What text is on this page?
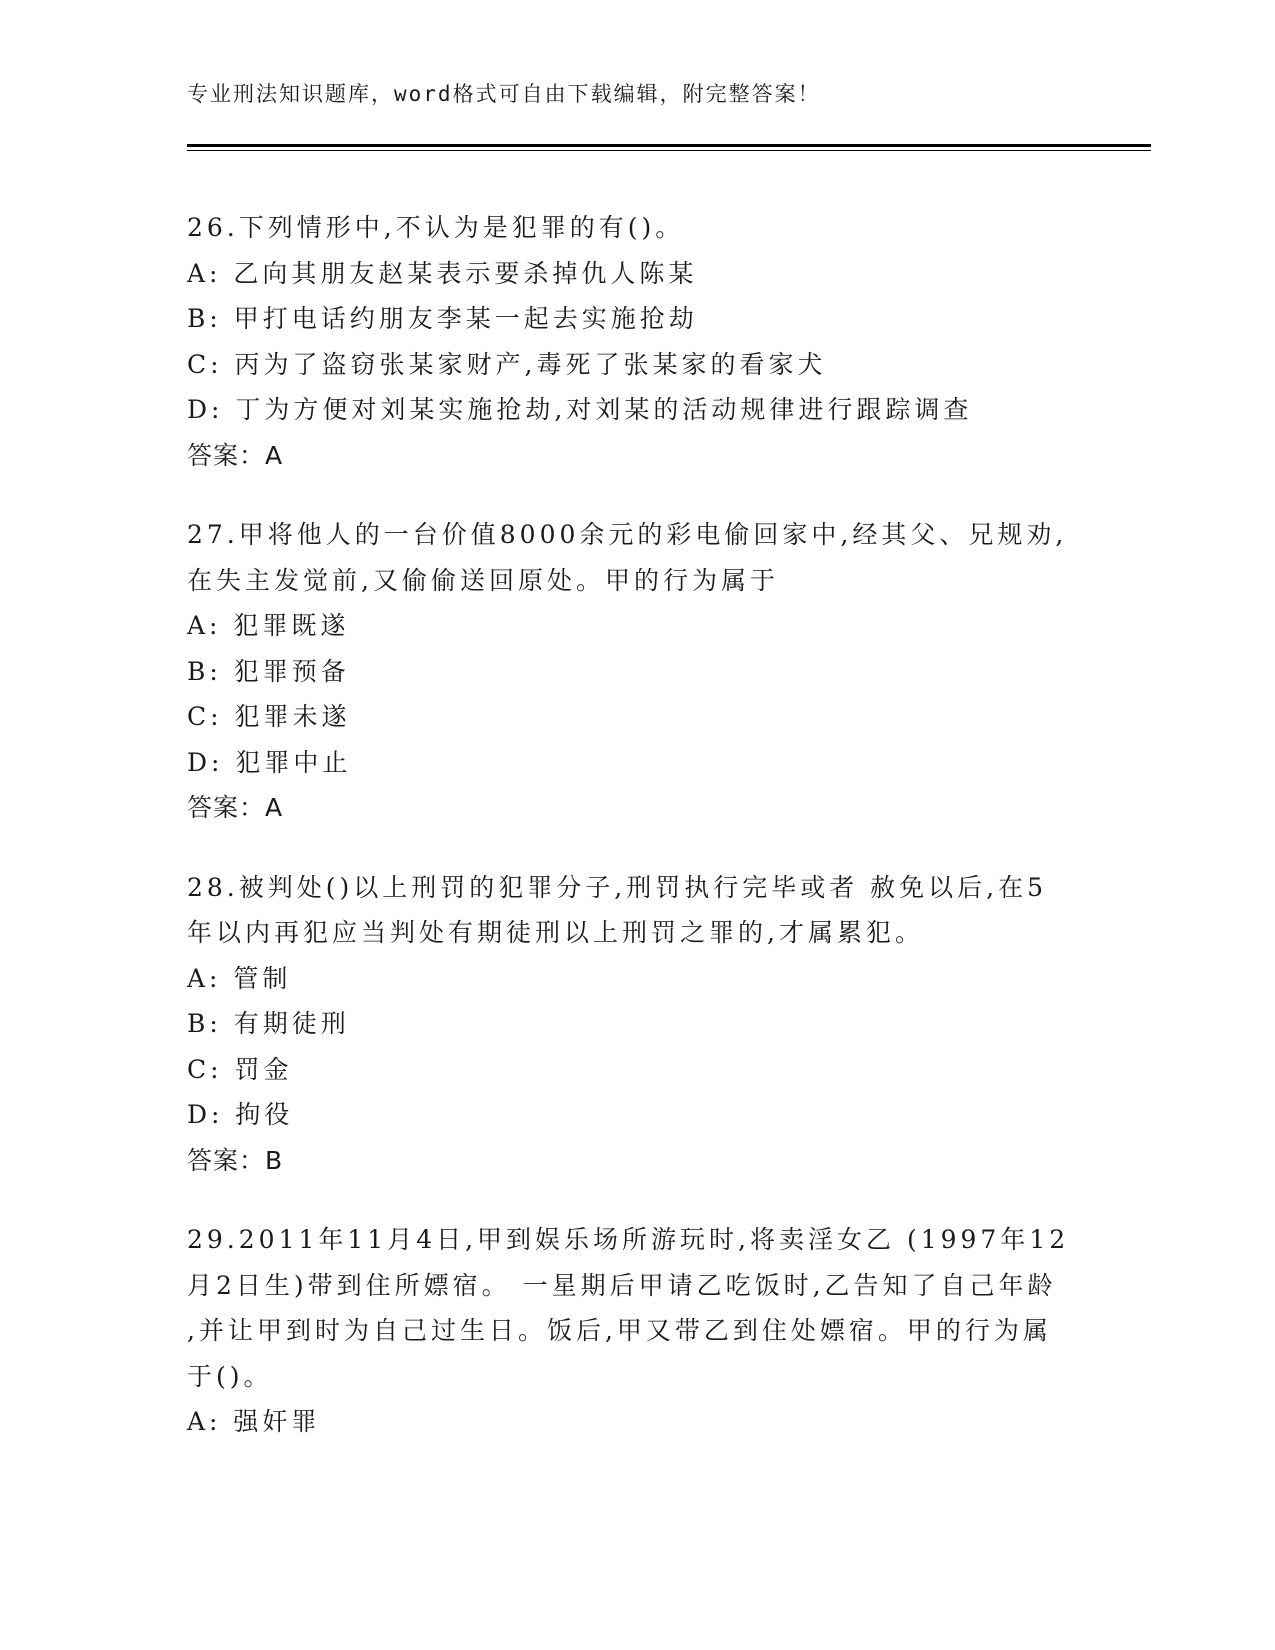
专业刑法知识题库，word格式可自由下载编辑，附完整答案！
26.下列情形中,不认为是犯罪的有()。
A: 乙向其朋友赵某表示要杀掉仇人陈某
B: 甲打电话约朋友李某一起去实施抢劫
C: 丙为了盗窃张某家财产,毒死了张某家的看家犬
D: 丁为方便对刘某实施抢劫,对刘某的活动规律进行跟踪调查
答案：A
27.甲将他人的一台价值8000余元的彩电偷回家中,经其父、兄规劝,
在失主发觉前,又偷偷送回原处。甲的行为属于
A: 犯罪既遂
B: 犯罪预备
C: 犯罪未遂
D: 犯罪中止
答案：A
28.被判处()以上刑罚的犯罪分子,刑罚执行完毕或者 赦免以后,在5
年以内再犯应当判处有期徒刑以上刑罚之罪的,才属累犯。
A: 管制
B: 有期徒刑
C: 罚金
D: 拘役
答案：B
29.2011年11月4日,甲到娱乐场所游玩时,将卖淫女乙 (1997年12
月2日生)带到住所嫖宿。 一星期后甲请乙吃饭时,乙告知了自己年龄
,并让甲到时为自己过生日。饭后,甲又带乙到住处嫖宿。甲的行为属
于()。
A: 强奸罪
